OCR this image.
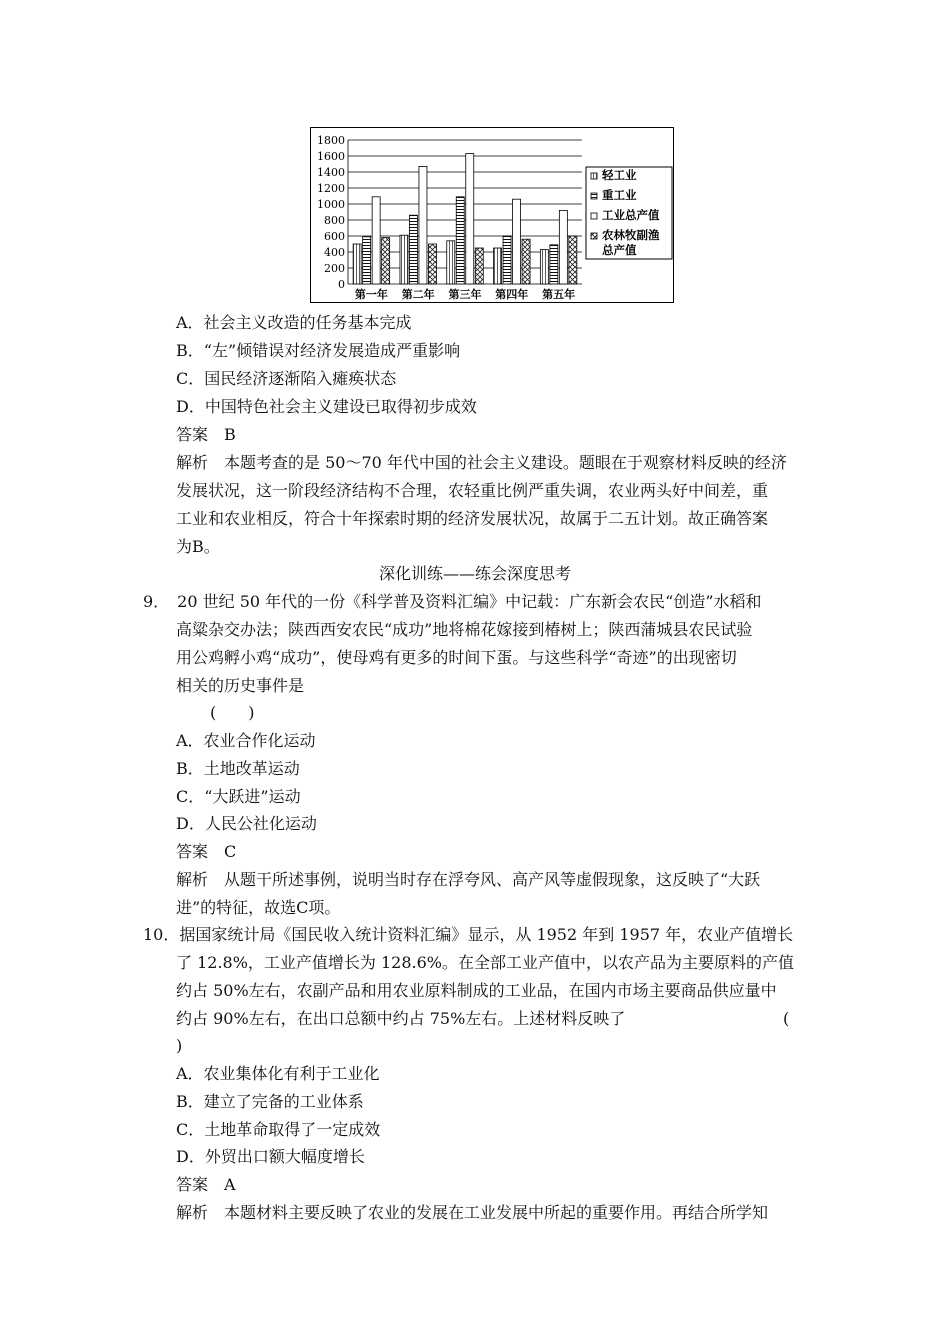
0
200
400
600
800
1000
1200
1400
1600
1800
第一年 第二年 第三年 第四年 第五年
轻工业
重工业
工业总产值
农林牧副渔
总产值
A．社会主义改造的任务基本完成
B．“左”倾错误对经济发展造成严重影响
C．国民经济逐渐陷入瘫痪状态
D．中国特色社会主义建设已取得初步成效
答案　B
解析　本题考查的是 50～70 年代中国的社会主义建设。题眼在于观察材料反映的经济
发展状况，这一阶段经济结构不合理，农轻重比例严重失调，农业两头好中间差，重
工业和农业相反，符合十年探索时期的经济发展状况，故属于二五计划。故正确答案
为B。
深化训练——练会深度思考
9．　20 世纪 50 年代的一份《科学普及资料汇编》中记载：广东新会农民“创造”水稻和
高粱杂交办法；陕西西安农民“成功”地将棉花嫁接到椿树上；陕西蒲城县农民试验
用公鸡孵小鸡“成功”，使母鸡有更多的时间下蛋。与这些科学“奇迹”的出现密切
相关的历史事件是
(　　)
A．农业合作化运动
B．土地改革运动
C．“大跃进”运动
D．人民公社化运动
答案　C
解析　从题干所述事例，说明当时存在浮夸风、高产风等虚假现象，这反映了“大跃
进”的特征，故选C项。
10．据国家统计局《国民收入统计资料汇编》显示，从 1952 年到 1957 年，农业产值增长
了 12.8%，工业产值增长为 128.6%。在全部工业产值中，以农产品为主要原料的产值
约占 50%左右，农副产品和用农业原料制成的工业品，在国内市场主要商品供应量中
约占 90%左右，在出口总额中约占 75%左右。上述材料反映了	(
)
A．农业集体化有利于工业化
B．建立了完备的工业体系
C．土地革命取得了一定成效
D．外贸出口额大幅度增长
答案　A
解析　本题材料主要反映了农业的发展在工业发展中所起的重要作用。再结合所学知
